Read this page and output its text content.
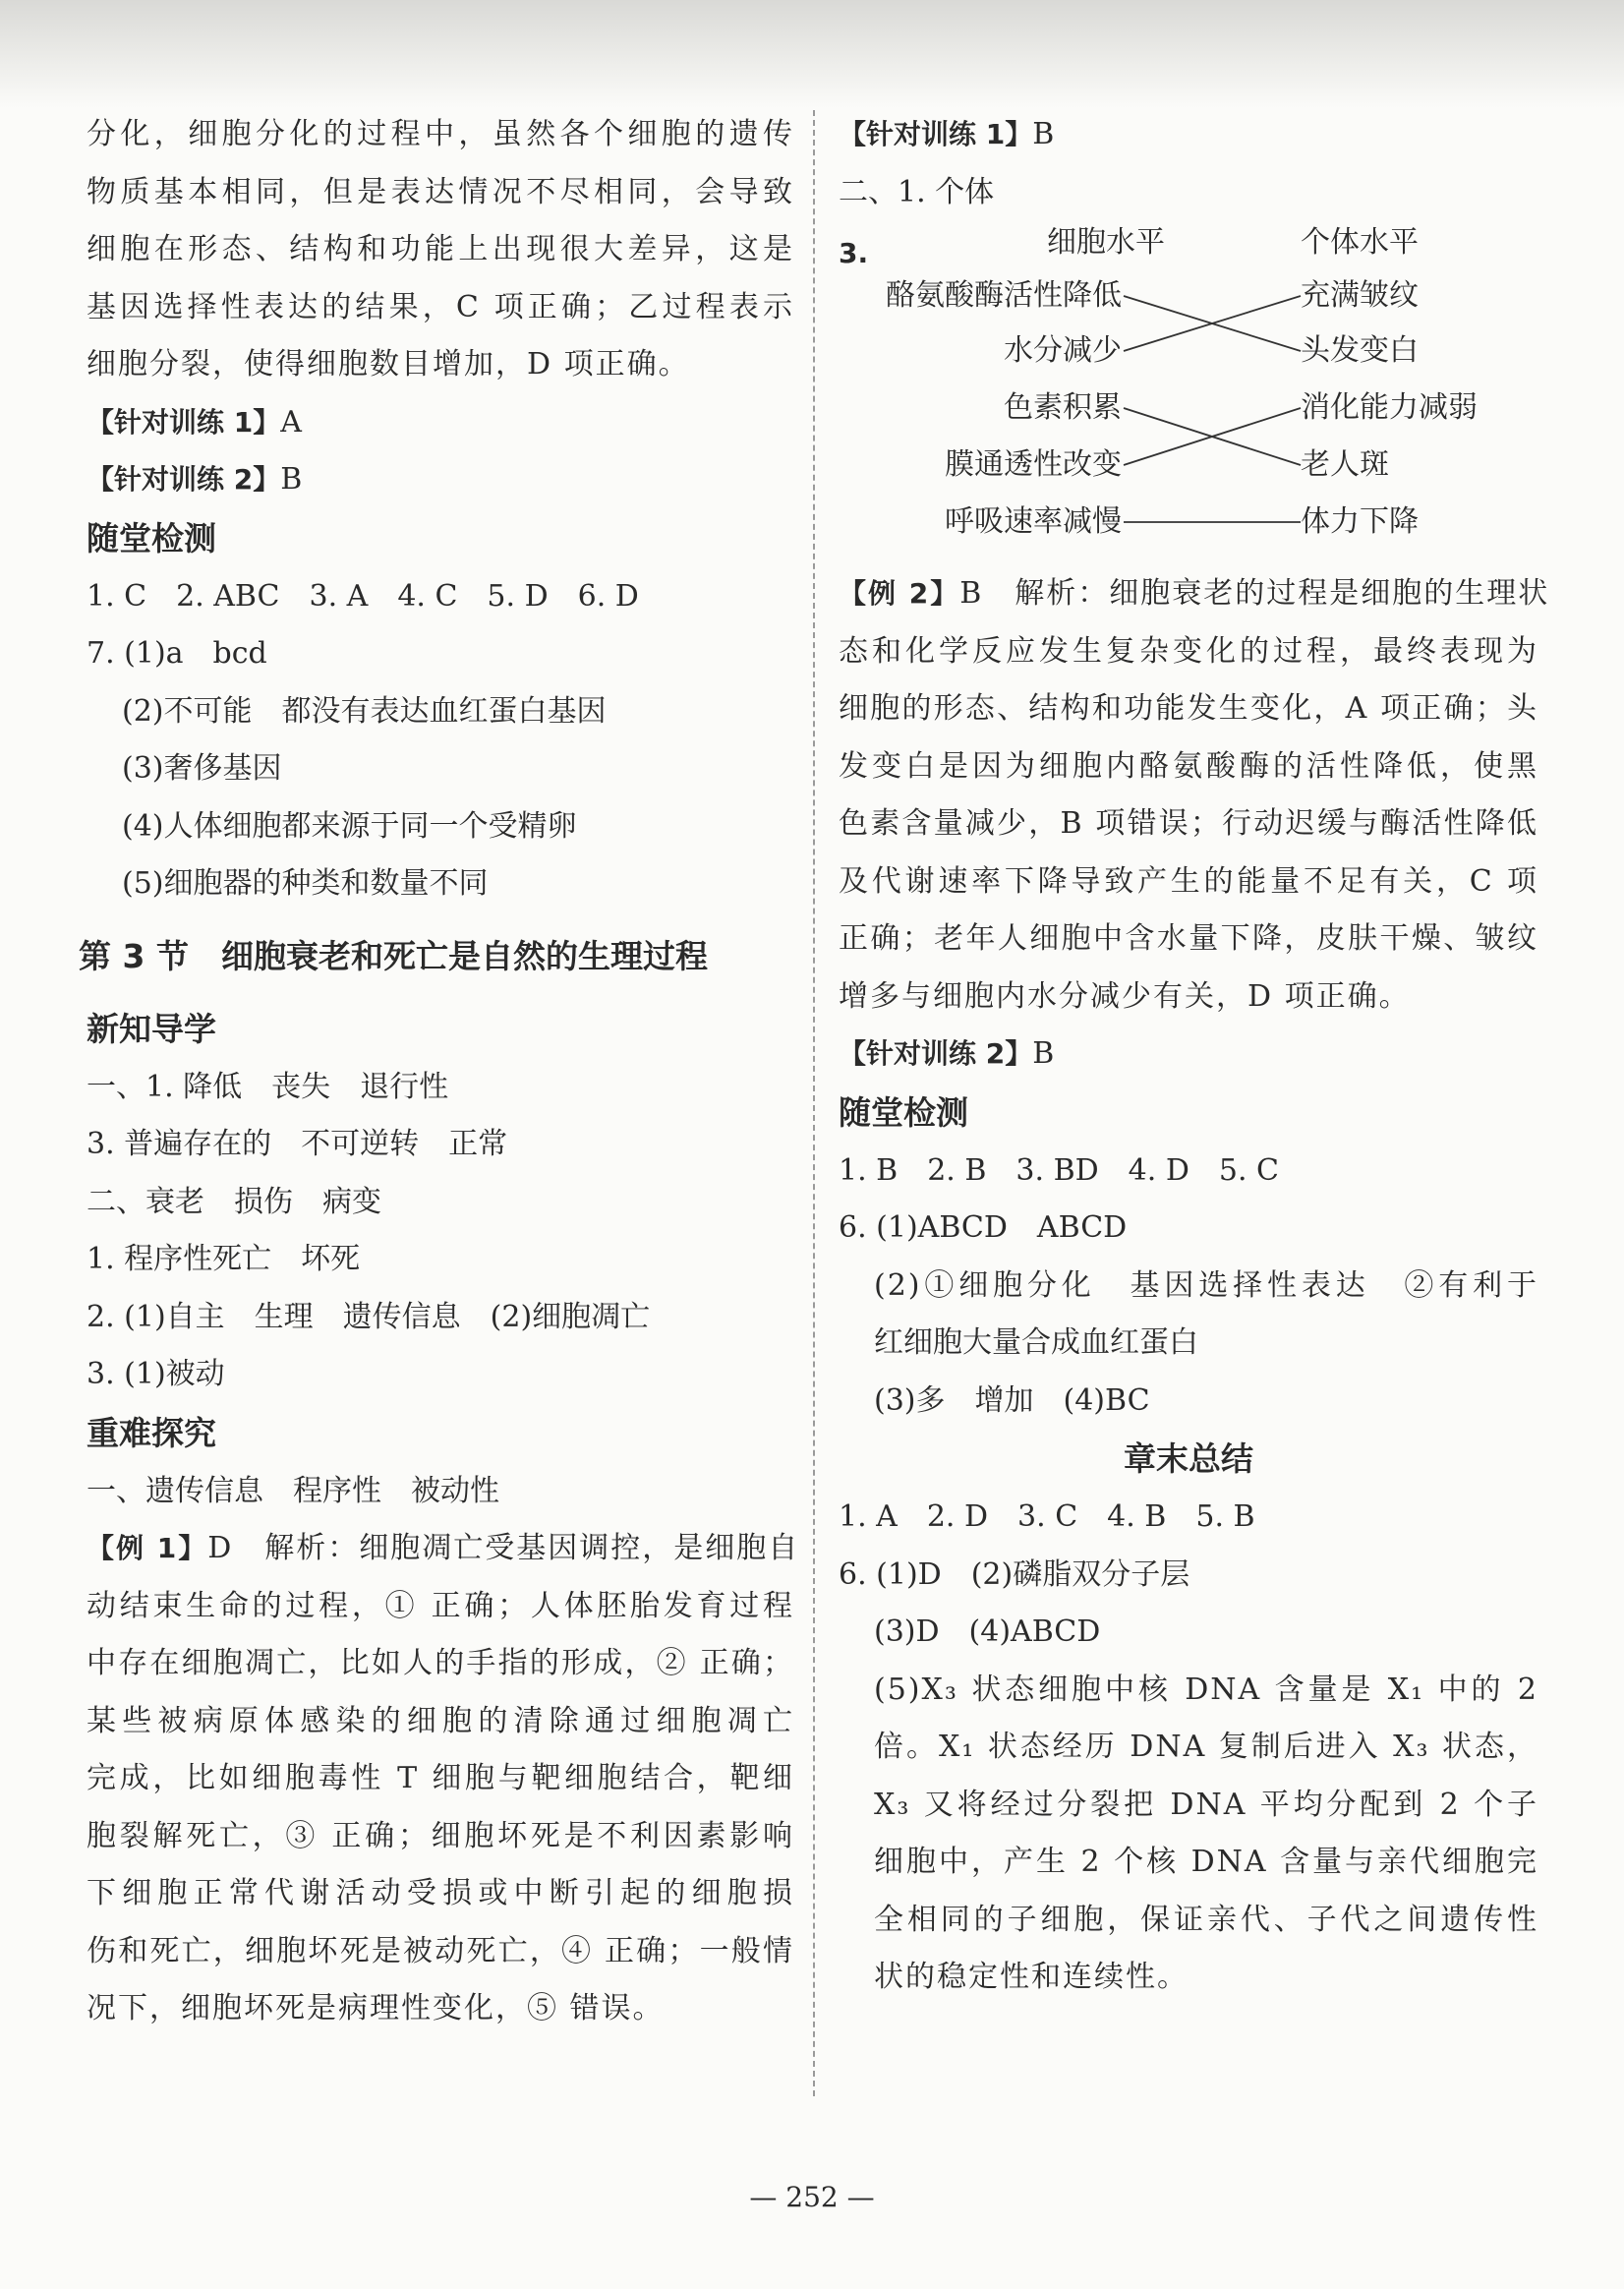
分化，细胞分化的过程中，虽然各个细胞的遗传
物质基本相同，但是表达情况不尽相同，会导致
细胞在形态、结构和功能上出现很大差异，这是
基因选择性表达的结果，C 项正确；乙过程表示
细胞分裂，使得细胞数目增加，D 项正确。
【针对训练 1】A
【针对训练 2】B
随堂检测
1. C　2. ABC　3. A　4. C　5. D　6. D
7. (1)a　bcd
(2)不可能　都没有表达血红蛋白基因
(3)奢侈基因
(4)人体细胞都来源于同一个受精卵
(5)细胞器的种类和数量不同
第 3 节　细胞衰老和死亡是自然的生理过程
新知导学
一、1. 降低　丧失　退行性
3. 普遍存在的　不可逆转　正常
二、衰老　损伤　病变
1. 程序性死亡　坏死
2. (1)自主　生理　遗传信息　(2)细胞凋亡
3. (1)被动
重难探究
一、遗传信息　程序性　被动性
【例 1】D　解析：细胞凋亡受基因调控，是细胞自
动结束生命的过程，① 正确；人体胚胎发育过程
中存在细胞凋亡，比如人的手指的形成，② 正确；
某些被病原体感染的细胞的清除通过细胞凋亡
完成，比如细胞毒性 T 细胞与靶细胞结合，靶细
胞裂解死亡，③ 正确；细胞坏死是不利因素影响
下细胞正常代谢活动受损或中断引起的细胞损
伤和死亡，细胞坏死是被动死亡，④ 正确；一般情
况下，细胞坏死是病理性变化，⑤ 错误。
【针对训练 1】B
二、1. 个体
3.	细胞水平
酪氨酸酶活性降低
水分减少
色素积累
膜通透性改变
呼吸速率减慢
个体水平
充满皱纹
头发变白
消化能力减弱
老人斑
体力下降
【例 2】B　解析：细胞衰老的过程是细胞的生理状
态和化学反应发生复杂变化的过程，最终表现为
细胞的形态、结构和功能发生变化，A 项正确；头
发变白是因为细胞内酪氨酸酶的活性降低，使黑
色素含量减少，B 项错误；行动迟缓与酶活性降低
及代谢速率下降导致产生的能量不足有关，C 项
正确；老年人细胞中含水量下降，皮肤干燥、皱纹
增多与细胞内水分减少有关，D 项正确。
【针对训练 2】B
随堂检测
1. B　2. B　3. BD　4. D　5. C
6. (1)ABCD　ABCD
(2)①细胞分化　基因选择性表达　②有利于
红细胞大量合成血红蛋白
(3)多　增加　(4)BC
章末总结
1. A　2. D　3. C　4. B　5. B
6. (1)D　(2)磷脂双分子层
(3)D　(4)ABCD
(5)X₃ 状态细胞中核 DNA 含量是 X₁ 中的 2
倍。X₁ 状态经历 DNA 复制后进入 X₃ 状态，
X₃ 又将经过分裂把 DNA 平均分配到 2 个子
细胞中，产生 2 个核 DNA 含量与亲代细胞完
全相同的子细胞，保证亲代、子代之间遗传性
状的稳定性和连续性。
— 252 —
